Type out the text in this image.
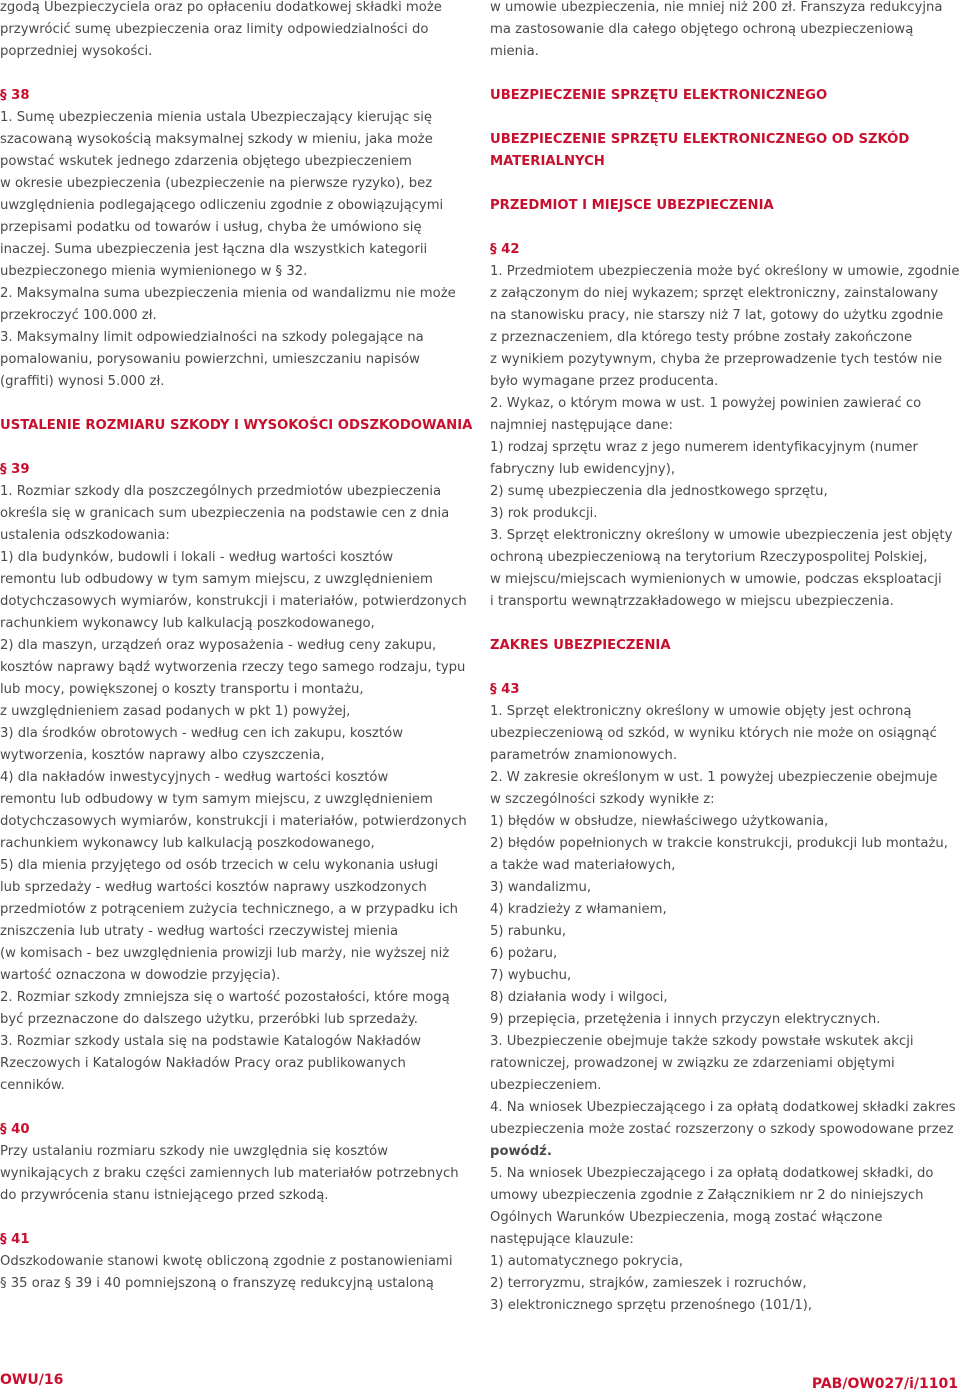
zgodą Ubezpieczyciela oraz po opłaceniu dodatkowej składki może
przywrócić sumę ubezpieczenia oraz limity odpowiedzialności do
poprzedniej wysokości.
§ 38
1. Sumę ubezpieczenia mienia ustala Ubezpieczający kierując się
szacowaną wysokością maksymalnej szkody w mieniu, jaka może
powstać wskutek jednego zdarzenia objętego ubezpieczeniem
w okresie ubezpieczenia (ubezpieczenie na pierwsze ryzyko), bez
uwzględnienia podlegającego odliczeniu zgodnie z obowiązującymi
przepisami podatku od towarów i usług, chyba że umówiono się
inaczej. Suma ubezpieczenia jest łączna dla wszystkich kategorii
ubezpieczonego mienia wymienionego w § 32.
2. Maksymalna suma ubezpieczenia mienia od wandalizmu nie może
przekroczyć 100.000 zł.
3. Maksymalny limit odpowiedzialności na szkody polegające na
pomalowaniu, porysowaniu powierzchni, umieszczaniu napisów
(graffiti) wynosi 5.000 zł.
USTALENIE ROZMIARU SZKODY I WYSOKOŚCI ODSZKODOWANIA
§ 39
1. Rozmiar szkody dla poszczególnych przedmiotów ubezpieczenia
określa się w granicach sum ubezpieczenia na podstawie cen z dnia
ustalenia odszkodowania:
1) dla budynków, budowli i lokali - według wartości kosztów
remontu lub odbudowy w tym samym miejscu, z uwzględnieniem
dotychczasowych wymiarów, konstrukcji i materiałów, potwierdzonych
rachunkiem wykonawcy lub kalkulacją poszkodowanego,
2) dla maszyn, urządzeń oraz wyposażenia - według ceny zakupu,
kosztów naprawy bądź wytworzenia rzeczy tego samego rodzaju, typu
lub mocy, powiększonej o koszty transportu i montażu,
z uwzględnieniem zasad podanych w pkt 1) powyżej,
3) dla środków obrotowych - według cen ich zakupu, kosztów
wytworzenia, kosztów naprawy albo czyszczenia,
4) dla nakładów inwestycyjnych - według wartości kosztów
remontu lub odbudowy w tym samym miejscu, z uwzględnieniem
dotychczasowych wymiarów, konstrukcji i materiałów, potwierdzonych
rachunkiem wykonawcy lub kalkulacją poszkodowanego,
5) dla mienia przyjętego od osób trzecich w celu wykonania usługi
lub sprzedaży - według wartości kosztów naprawy uszkodzonych
przedmiotów z potrąceniem zużycia technicznego, a w przypadku ich
zniszczenia lub utraty - według wartości rzeczywistej mienia
(w komisach - bez uwzględnienia prowizji lub marży, nie wyższej niż
wartość oznaczona w dowodzie przyjęcia).
2. Rozmiar szkody zmniejsza się o wartość pozostałości, które mogą
być przeznaczone do dalszego użytku, przeróbki lub sprzedaży.
3. Rozmiar szkody ustala się na podstawie Katalogów Nakładów
Rzeczowych i Katalogów Nakładów Pracy oraz publikowanych
cenników.
§ 40
Przy ustalaniu rozmiaru szkody nie uwzględnia się kosztów
wynikających z braku części zamiennych lub materiałów potrzebnych
do przywrócenia stanu istniejącego przed szkodą.
§ 41
Odszkodowanie stanowi kwotę obliczoną zgodnie z postanowieniami
§ 35 oraz § 39 i 40 pomniejszoną o franszyzę redukcyjną ustaloną
w umowie ubezpieczenia, nie mniej niż 200 zł. Franszyza redukcyjna
ma zastosowanie dla całego objętego ochroną ubezpieczeniową
mienia.
UBEZPIECZENIE SPRZĘTU ELEKTRONICZNEGO
UBEZPIECZENIE SPRZĘTU ELEKTRONICZNEGO OD SZKÓD
MATERIALNYCH
PRZEDMIOT I MIEJSCE UBEZPIECZENIA
§ 42
1. Przedmiotem ubezpieczenia może być określony w umowie, zgodnie
z załączonym do niej wykazem; sprzęt elektroniczny, zainstalowany
na stanowisku pracy, nie starszy niż 7 lat, gotowy do użytku zgodnie
z przeznaczeniem, dla którego testy próbne zostały zakończone
z wynikiem pozytywnym, chyba że przeprowadzenie tych testów nie
było wymagane przez producenta.
2. Wykaz, o którym mowa w ust. 1 powyżej powinien zawierać co
najmniej następujące dane:
1) rodzaj sprzętu wraz z jego numerem identyfikacyjnym (numer
fabryczny lub ewidencyjny),
2) sumę ubezpieczenia dla jednostkowego sprzętu,
3) rok produkcji.
3. Sprzęt elektroniczny określony w umowie ubezpieczenia jest objęty
ochroną ubezpieczeniową na terytorium Rzeczypospolitej Polskiej,
w miejscu/miejscach wymienionych w umowie, podczas eksploatacji
i transportu wewnątrzzakładowego w miejscu ubezpieczenia.
ZAKRES UBEZPIECZENIA
§ 43
1. Sprzęt elektroniczny określony w umowie objęty jest ochroną
ubezpieczeniową od szkód, w wyniku których nie może on osiągnąć
parametrów znamionowych.
2. W zakresie określonym w ust. 1 powyżej ubezpieczenie obejmuje
w szczególności szkody wynikłe z:
1) błędów w obsłudze, niewłaściwego użytkowania,
2) błędów popełnionych w trakcie konstrukcji, produkcji lub montażu,
a także wad materiałowych,
3) wandalizmu,
4) kradzieży z włamaniem,
5) rabunku,
6) pożaru,
7) wybuchu,
8) działania wody i wilgoci,
9) przepięcia, przetężenia i innych przyczyn elektrycznych.
3. Ubezpieczenie obejmuje także szkody powstałe wskutek akcji
ratowniczej, prowadzonej w związku ze zdarzeniami objętymi
ubezpieczeniem.
4. Na wniosek Ubezpieczającego i za opłatą dodatkowej składki zakres
ubezpieczenia może zostać rozszerzony o szkody spowodowane przez
powódź.
5. Na wniosek Ubezpieczającego i za opłatą dodatkowej składki, do
umowy ubezpieczenia zgodnie z Załącznikiem nr 2 do niniejszych
Ogólnych Warunków Ubezpieczenia, mogą zostać włączone
następujące klauzule:
1) automatycznego pokrycia,
2) terroryzmu, strajków, zamieszek i rozruchów,
3) elektronicznego sprzętu przenośnego (101/1),
OWU/16	PAB/OW027/i/1101
